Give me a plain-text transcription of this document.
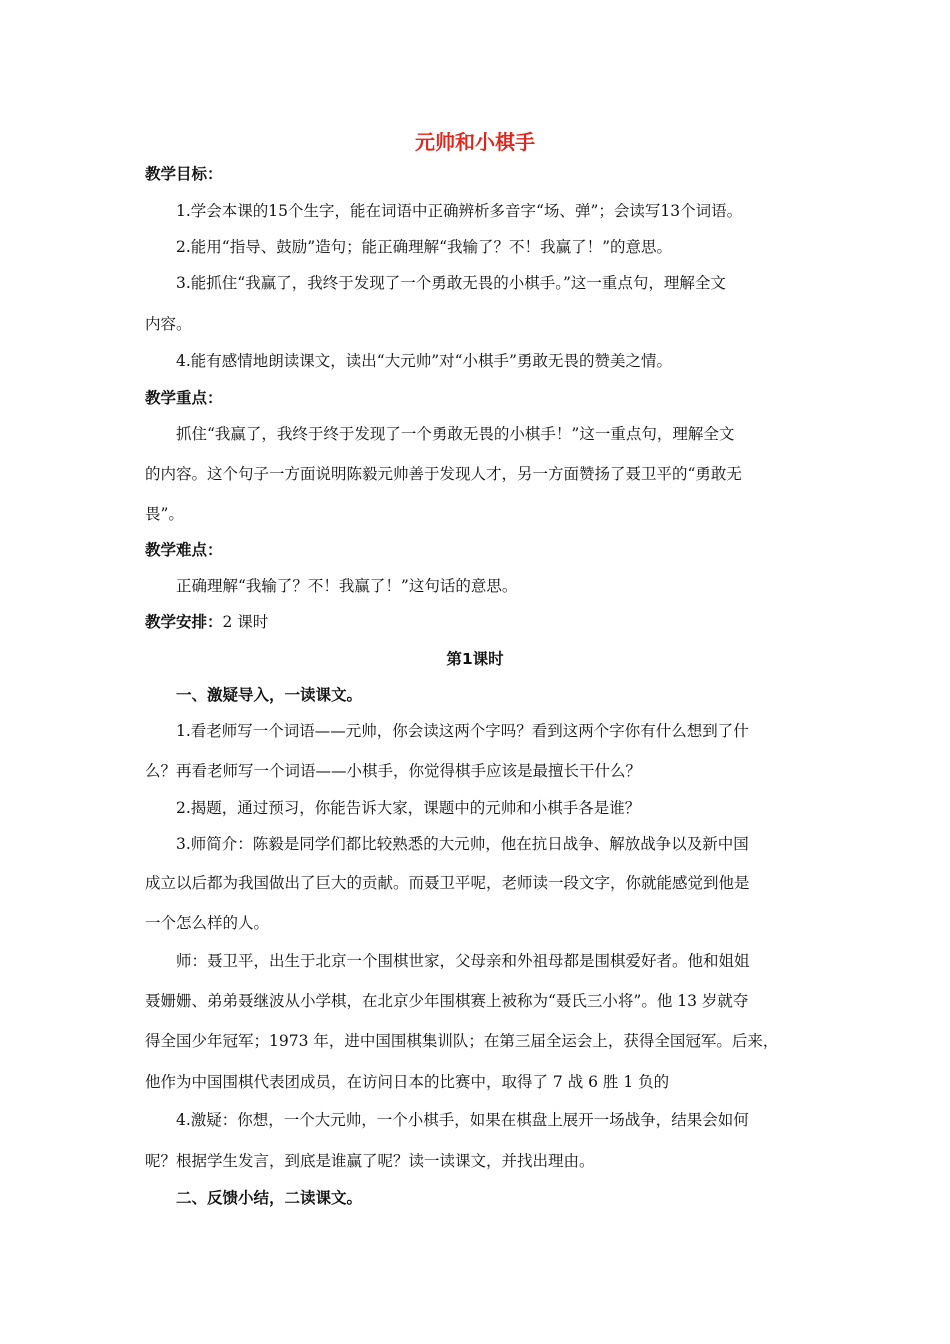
元帅和小棋手
教学目标：
1.学会本课的15个生字，能在词语中正确辨析多音字“场、弹”；会读写13个词语。
2.能用“指导、鼓励”造句；能正确理解“我输了？不！我赢了！”的意思。
3.能抓住“我赢了，我终于发现了一个勇敢无畏的小棋手。”这一重点句，理解全文
内容。
4.能有感情地朗读课文，读出“大元帅”对“小棋手”勇敢无畏的赞美之情。
教学重点：
抓住“我赢了，我终于终于发现了一个勇敢无畏的小棋手！”这一重点句，理解全文
的内容。这个句子一方面说明陈毅元帅善于发现人才，另一方面赞扬了聂卫平的“勇敢无
畏”。
教学难点：
正确理解“我输了？不！我赢了！”这句话的意思。
教学安排：2 课时
第1课时
一、激疑导入，一读课文。
1.看老师写一个词语——元帅，你会读这两个字吗？看到这两个字你有什么想到了什
么？再看老师写一个词语——小棋手，你觉得棋手应该是最擅长干什么？
2.揭题，通过预习，你能告诉大家，课题中的元帅和小棋手各是谁？
3.师简介：陈毅是同学们都比较熟悉的大元帅，他在抗日战争、解放战争以及新中国
成立以后都为我国做出了巨大的贡献。而聂卫平呢，老师读一段文字，你就能感觉到他是
一个怎么样的人。
师：聂卫平，出生于北京一个围棋世家，父母亲和外祖母都是围棋爱好者。他和姐姐
聂姗姗、弟弟聂继波从小学棋，在北京少年围棋赛上被称为“聂氏三小将”。他 13 岁就夺
得全国少年冠军；1973 年，进中国围棋集训队；在第三届全运会上，获得全国冠军。后来，
他作为中国围棋代表团成员，在访问日本的比赛中，取得了 7 战 6 胜 1 负的
4.激疑：你想，一个大元帅，一个小棋手，如果在棋盘上展开一场战争，结果会如何
呢？根据学生发言，到底是谁赢了呢？读一读课文，并找出理由。
二、反馈小结，二读课文。
